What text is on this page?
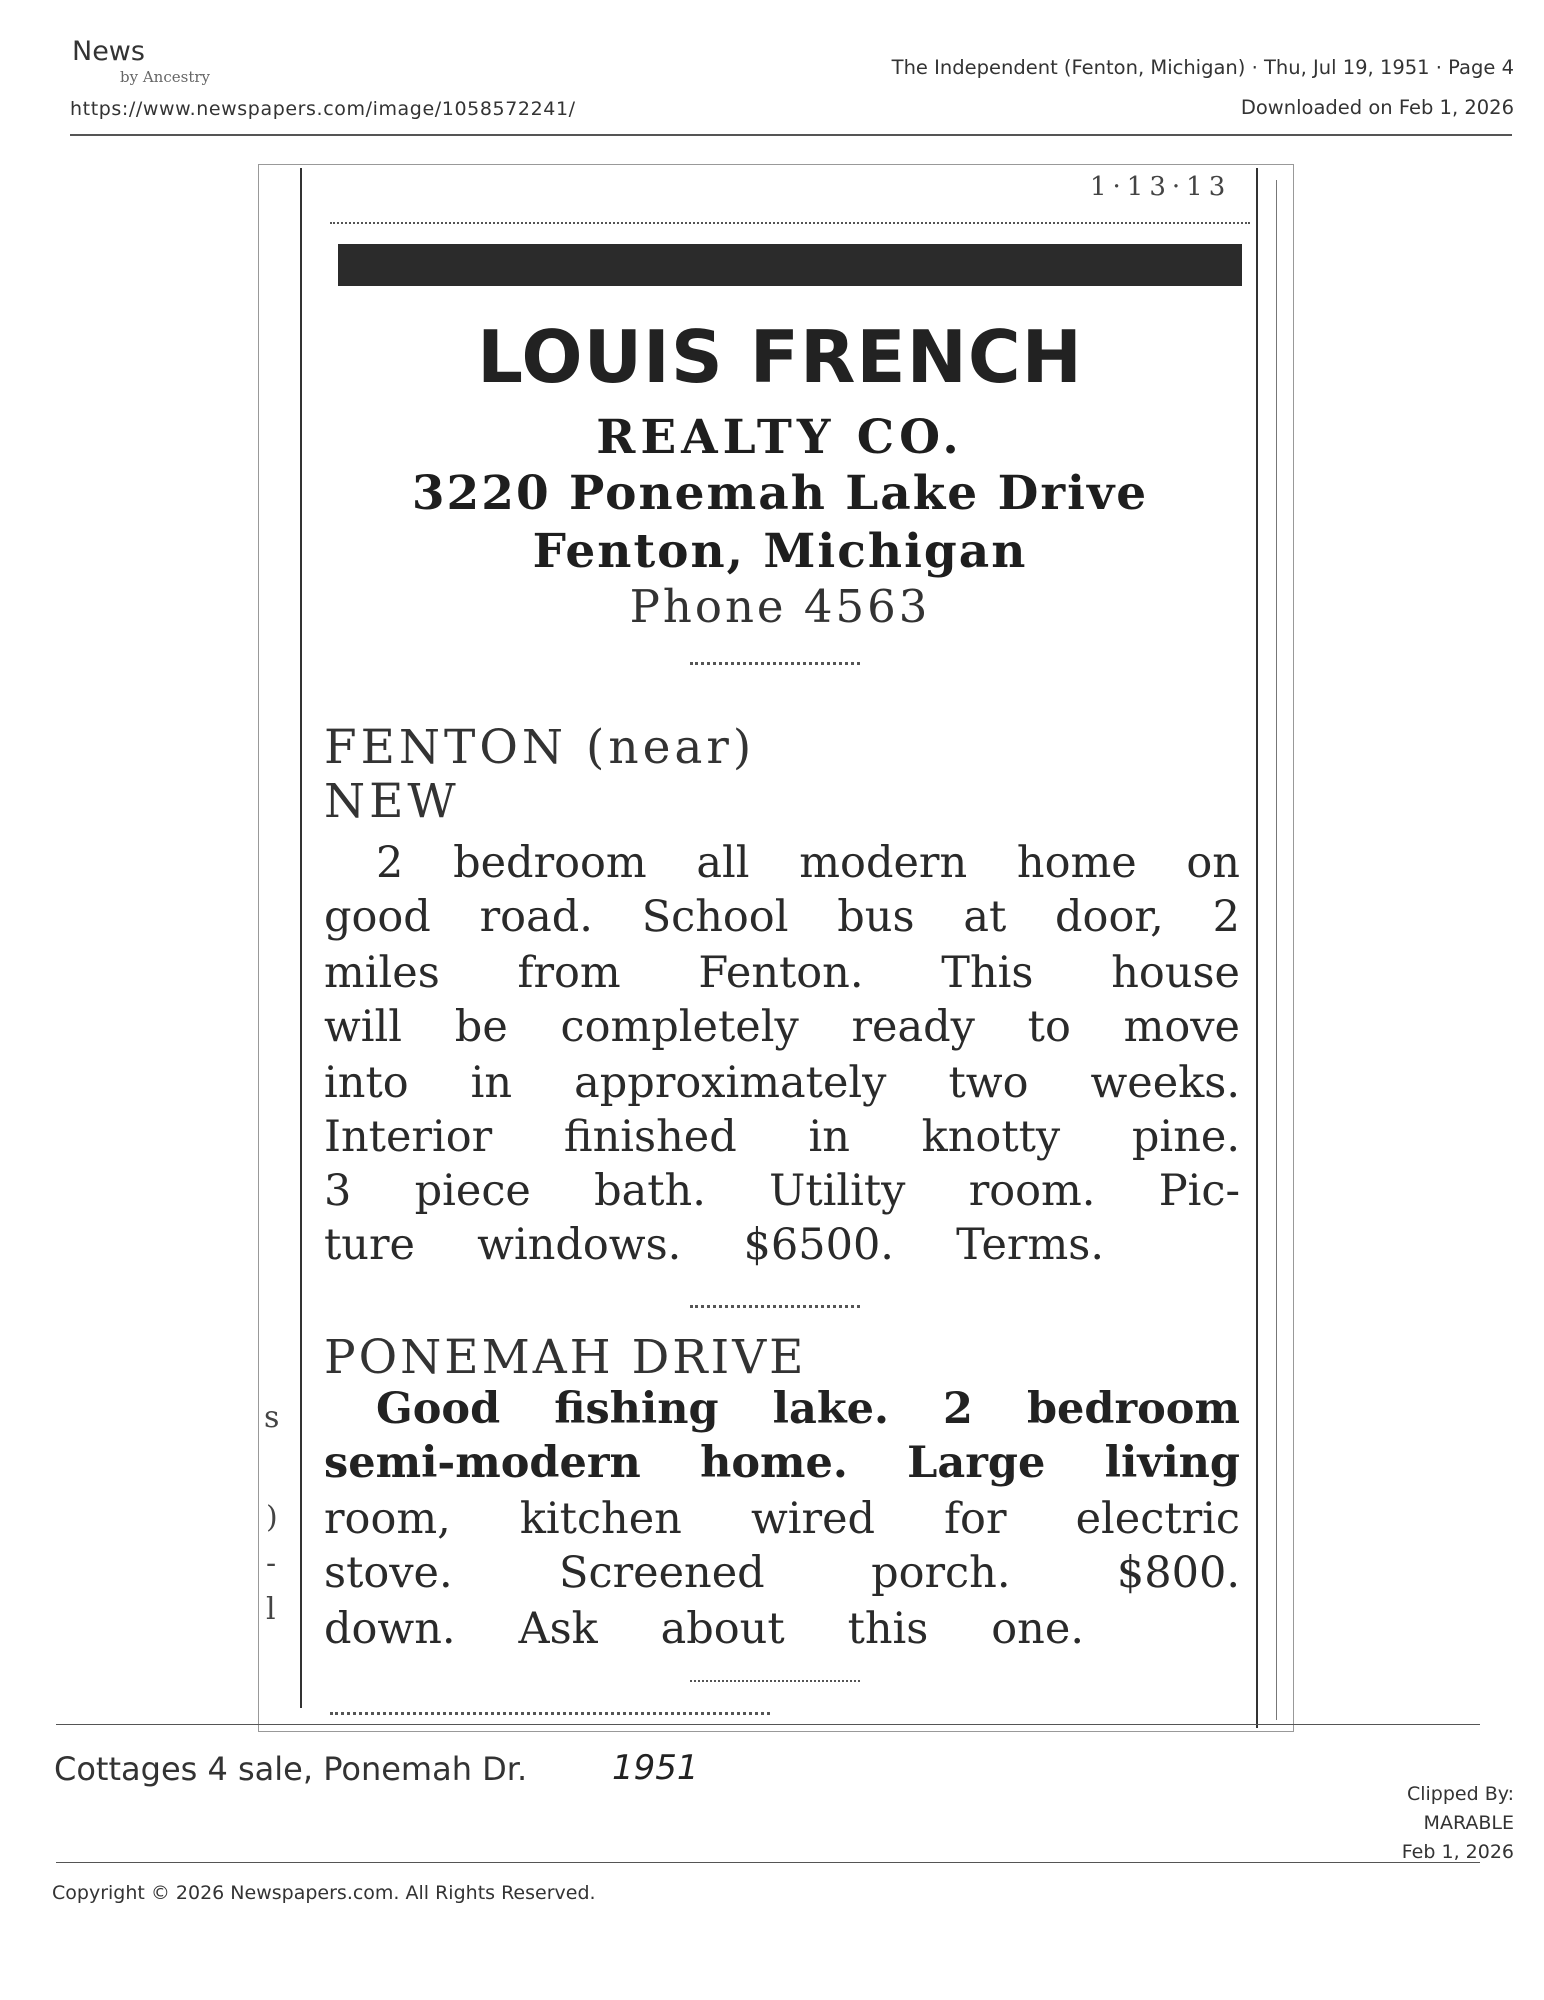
News
by Ancestry
https://www.newspapers.com/image/1058572241/
The Independent (Fenton, Michigan) · Thu, Jul 19, 1951 · Page 4
Downloaded on Feb 1, 2026
1·13·13
LOUIS FRENCH
REALTY CO.
3220 Ponemah Lake Drive
Fenton, Michigan
Phone 4563
FENTON (near)
NEW
2 bedroom all modern home on
good road. School bus at door, 2
miles from Fenton. This house
will be completely ready to move
into in approximately two weeks.
Interior finished in knotty pine.
3 piece bath. Utility room. Pic-
ture windows. $6500. Terms.
PONEMAH DRIVE
Good fishing lake. 2 bedroom
semi-modern home. Large living
room, kitchen wired for electric
stove. Screened porch. $800.
down. Ask about this one.
s
)
-
l
Cottages 4 sale, Ponemah Dr. 1951
Clipped By:
MARABLE
Feb 1, 2026
Copyright © 2026 Newspapers.com. All Rights Reserved.
